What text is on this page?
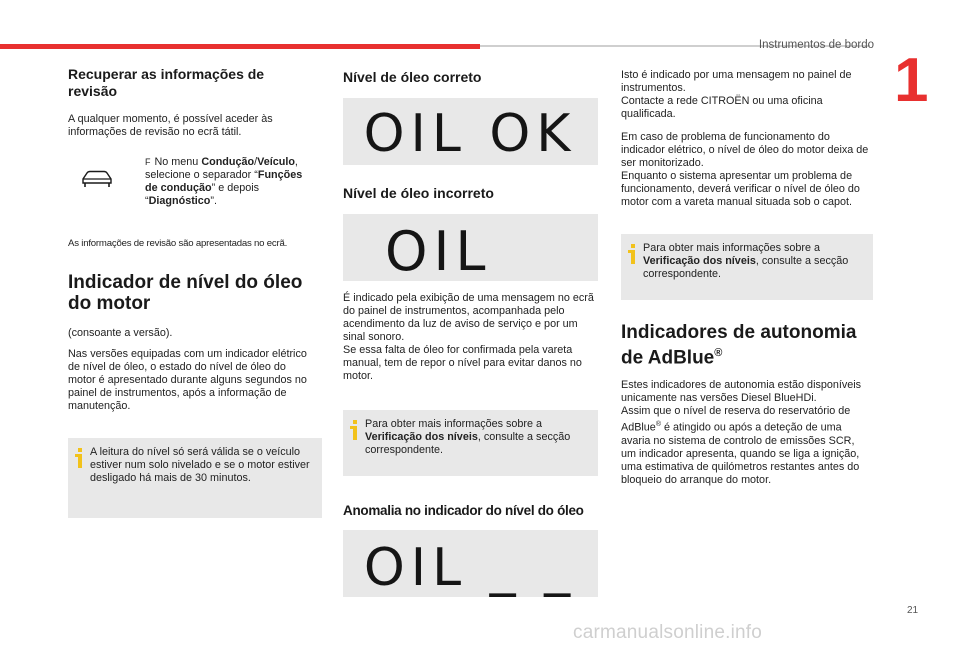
Instrumentos de bordo
1
21
carmanualsonline.info
Recuperar as informações de revisão
A qualquer momento, é possível aceder às informações de revisão no ecrã tátil.
F No menu Condução/Veículo, selecione o separador “Funções de condução” e depois “Diagnóstico”.
As informações de revisão são apresentadas no ecrã.
Indicador de nível do óleo do motor
(consoante a versão).
Nas versões equipadas com um indicador elétrico de nível de óleo, o estado do nível de óleo do motor é apresentado durante alguns segundos no painel de instrumentos, após a informação de manutenção.
A leitura do nível só será válida se o veículo estiver num solo nivelado e se o motor estiver desligado há mais de 30 minutos.
Nível de óleo correto
OIL OK
Nível de óleo incorreto
OIL
É indicado pela exibição de uma mensagem no ecrã do painel de instrumentos, acompanhada pelo acendimento da luz de aviso de serviço e por um sinal sonoro.
Se essa falta de óleo for confirmada pela vareta manual, tem de repor o nível para evitar danos no motor.
Para obter mais informações sobre a Verificação dos níveis, consulte a secção correspondente.
Anomalia no indicador do nível do óleo
OIL _ _
Isto é indicado por uma mensagem no painel de instrumentos.
Contacte a rede CITROËN ou uma oficina qualificada.
Em caso de problema de funcionamento do indicador elétrico, o nível de óleo do motor deixa de ser monitorizado.
Enquanto o sistema apresentar um problema de funcionamento, deverá verificar o nível de óleo do motor com a vareta manual situada sob o capot.
Para obter mais informações sobre a Verificação dos níveis, consulte a secção correspondente.
Indicadores de autonomia de AdBlue®
Estes indicadores de autonomia estão disponíveis unicamente nas versões Diesel BlueHDi.
Assim que o nível de reserva do reservatório de AdBlue® é atingido ou após a deteção de uma avaria no sistema de controlo de emissões SCR, um indicador apresenta, quando se liga a ignição, uma estimativa de quilómetros restantes antes do bloqueio do arranque do motor.
